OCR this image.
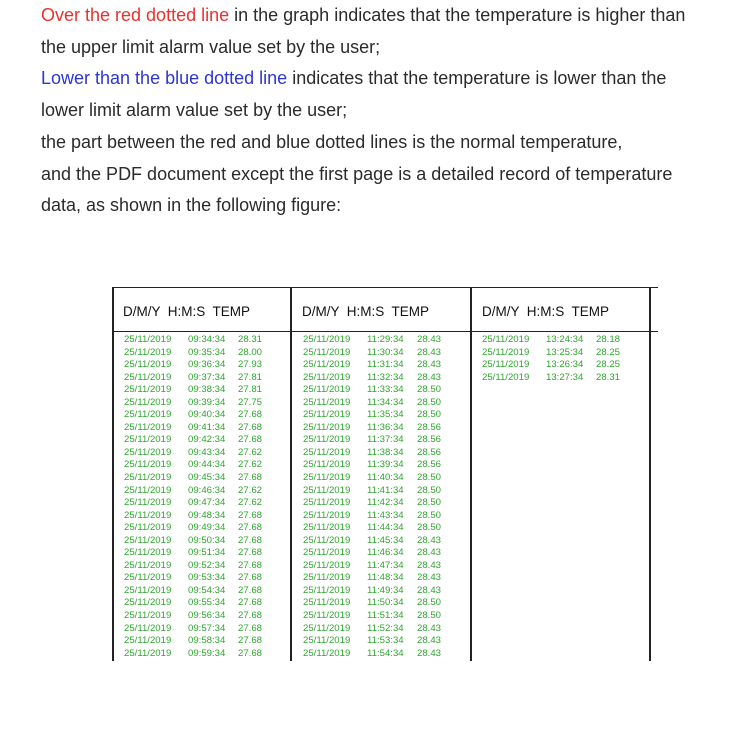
Over the red dotted line in the graph indicates that the temperature is higher than

the upper limit alarm value set by the user;

Lower than the blue dotted line indicates that the temperature is lower than the

lower limit alarm value set by the user;

the part between the red and blue dotted lines is the normal temperature,

and the PDF document except the first page is a detailed record of temperature

data, as shown in the following figure:

D/M/Y  H:M:S  TEMP	D/M/Y  H:M:S  TEMP	D/M/Y  H:M:S  TEMP
25/11/2019 09:34:34 28.31
25/11/2019 09:35:34 28.00
25/11/2019 09:36:34 27.93
25/11/2019 09:37:34 27.81
25/11/2019 09:38:34 27.81
25/11/2019 09:39:34 27.75
25/11/2019 09:40:34 27.68
25/11/2019 09:41:34 27.68
25/11/2019 09:42:34 27.68
25/11/2019 09:43:34 27.62
25/11/2019 09:44:34 27.62
25/11/2019 09:45:34 27.68
25/11/2019 09:46:34 27.62
25/11/2019 09:47:34 27.62
25/11/2019 09:48:34 27.68
25/11/2019 09:49:34 27.68
25/11/2019 09:50:34 27.68
25/11/2019 09:51:34 27.68
25/11/2019 09:52:34 27.68
25/11/2019 09:53:34 27.68
25/11/2019 09:54:34 27.68
25/11/2019 09:55:34 27.68
25/11/2019 09:56:34 27.68
25/11/2019 09:57:34 27.68
25/11/2019 09:58:34 27.68
25/11/2019 09:59:34 27.68
25/11/2019 11:29:34 28.43
25/11/2019 11:30:34 28.43
25/11/2019 11:31:34 28.43
25/11/2019 11:32:34 28.43
25/11/2019 11:33:34 28.50
25/11/2019 11:34:34 28.50
25/11/2019 11:35:34 28.50
25/11/2019 11:36:34 28.56
25/11/2019 11:37:34 28.56
25/11/2019 11:38:34 28.56
25/11/2019 11:39:34 28.56
25/11/2019 11:40:34 28.50
25/11/2019 11:41:34 28.50
25/11/2019 11:42:34 28.50
25/11/2019 11:43:34 28.50
25/11/2019 11:44:34 28.50
25/11/2019 11:45:34 28.43
25/11/2019 11:46:34 28.43
25/11/2019 11:47:34 28.43
25/11/2019 11:48:34 28.43
25/11/2019 11:49:34 28.43
25/11/2019 11:50:34 28.50
25/11/2019 11:51:34 28.50
25/11/2019 11:52:34 28.43
25/11/2019 11:53:34 28.43
25/11/2019 11:54:34 28.43
25/11/2019 13:24:34 28.18
25/11/2019 13:25:34 28.25
25/11/2019 13:26:34 28.25
25/11/2019 13:27:34 28.31
